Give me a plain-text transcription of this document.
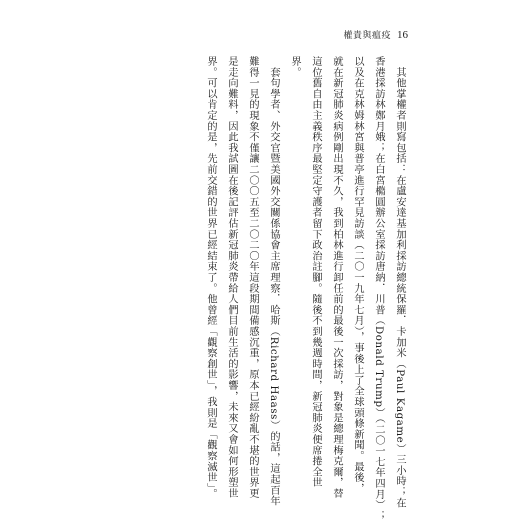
權貴與瘟疫 16
　其他掌權者則寫包括：在盧安達基加利採訪總統保羅．卡加米（Paul Kagame）三小時；在
香港採訪林鄭月娥；在白宮橢圓辦公室採訪唐納．川普（Donald Trump）（二〇一七年四月）；
以及在克林姆林宮與普亭進行罕見訪談（二〇一九年七月），事後上了全球頭條新聞。最後，
就在新冠肺炎病例剛出現不久，我到柏林進行卸任前的最後一次採訪，對象是總理梅克爾，替
這位舊自由主義秩序最堅定守護者留下政治註腳。隨後不到幾週時間，新冠肺炎便席捲全世
界。
　套句學者、外交官暨美國外交關係協會主席理察．哈斯（Richard Haass）的話，這起百年
難得一見的現象不僅讓二〇〇五至二〇二〇年這段期間備感沉重，原本已經紛亂不堪的世界更
是走向難料，因此我試圖在後記評估新冠肺炎帶給人們目前生活的影響，未來又會如何形塑世
界。可以肯定的是，先前交錯的世界已經結束了。他曾經「觀察創世」，我則是「觀察滅世」。
